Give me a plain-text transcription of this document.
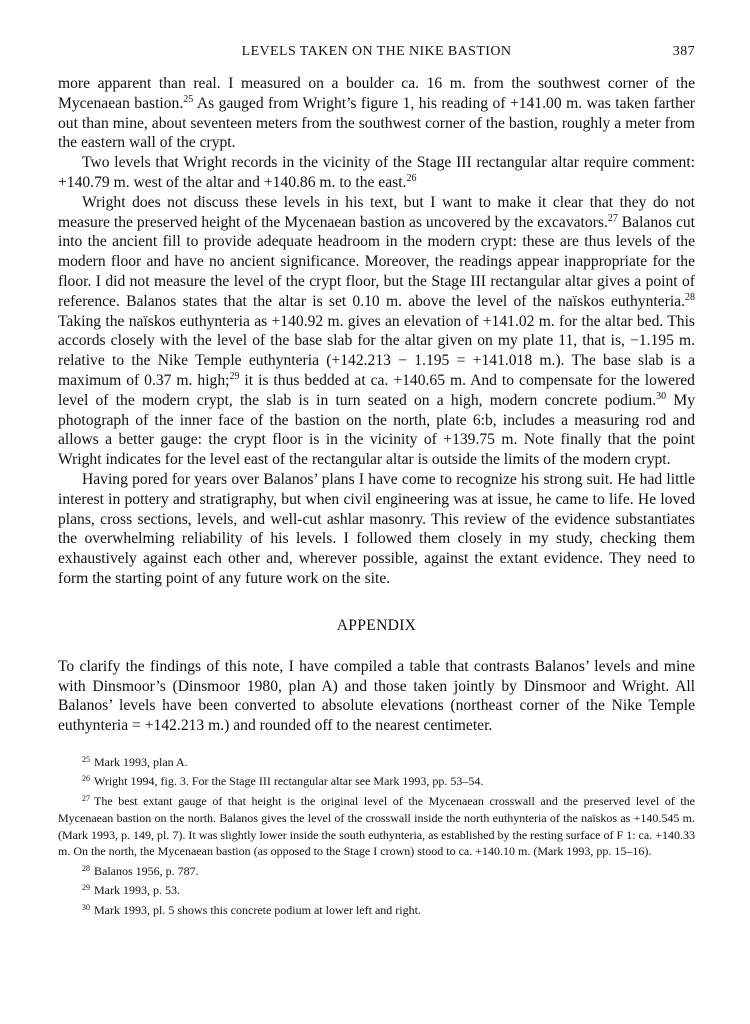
LEVELS TAKEN ON THE NIKE BASTION	387

more apparent than real. I measured on a boulder ca. 16 m. from the southwest corner of the Mycenaean bastion.$^{25}$ As gauged from Wright’s figure 1, his reading of +141.00 m. was taken farther out than mine, about seventeen meters from the southwest corner of the bastion, roughly a meter from the eastern wall of the crypt.

Two levels that Wright records in the vicinity of the Stage III rectangular altar require comment: +140.79 m. west of the altar and +140.86 m. to the east.$^{26}$

Wright does not discuss these levels in his text, but I want to make it clear that they do not measure the preserved height of the Mycenaean bastion as uncovered by the excavators.$^{27}$ Balanos cut into the ancient fill to provide adequate headroom in the modern crypt: these are thus levels of the modern floor and have no ancient significance. Moreover, the readings appear inappropriate for the floor. I did not measure the level of the crypt floor, but the Stage III rectangular altar gives a point of reference. Balanos states that the altar is set 0.10 m. above the level of the naïskos euthynteria.$^{28}$ Taking the naïskos euthynteria as +140.92 m. gives an elevation of +141.02 m. for the altar bed. This accords closely with the level of the base slab for the altar given on my plate 11, that is, −1.195 m. relative to the Nike Temple euthynteria (+142.213 − 1.195 = +141.018 m.). The base slab is a maximum of 0.37 m. high;$^{29}$ it is thus bedded at ca. +140.65 m. And to compensate for the lowered level of the modern crypt, the slab is in turn seated on a high, modern concrete podium.$^{30}$ My photograph of the inner face of the bastion on the north, plate 6:b, includes a measuring rod and allows a better gauge: the crypt floor is in the vicinity of +139.75 m. Note finally that the point Wright indicates for the level east of the rectangular altar is outside the limits of the modern crypt.

Having pored for years over Balanos’ plans I have come to recognize his strong suit. He had little interest in pottery and stratigraphy, but when civil engineering was at issue, he came to life. He loved plans, cross sections, levels, and well-cut ashlar masonry. This review of the evidence substantiates the overwhelming reliability of his levels. I followed them closely in my study, checking them exhaustively against each other and, wherever possible, against the extant evidence. They need to form the starting point of any future work on the site.

APPENDIX

To clarify the findings of this note, I have compiled a table that contrasts Balanos’ levels and mine with Dinsmoor’s (Dinsmoor 1980, plan A) and those taken jointly by Dinsmoor and Wright. All Balanos’ levels have been converted to absolute elevations (northeast corner of the Nike Temple euthynteria = +142.213 m.) and rounded off to the nearest centimeter.

$^{25}$ Mark 1993, plan A.

$^{26}$ Wright 1994, fig. 3. For the Stage III rectangular altar see Mark 1993, pp. 53–54.

$^{27}$ The best extant gauge of that height is the original level of the Mycenaean crosswall and the preserved level of the Mycenaean bastion on the north. Balanos gives the level of the crosswall inside the north euthynteria of the naïskos as +140.545 m. (Mark 1993, p. 149, pl. 7). It was slightly lower inside the south euthynteria, as established by the resting surface of F 1: ca. +140.33 m. On the north, the Mycenaean bastion (as opposed to the Stage I crown) stood to ca. +140.10 m. (Mark 1993, pp. 15–16).

$^{28}$ Balanos 1956, p. 787.

$^{29}$ Mark 1993, p. 53.

$^{30}$ Mark 1993, pl. 5 shows this concrete podium at lower left and right.
